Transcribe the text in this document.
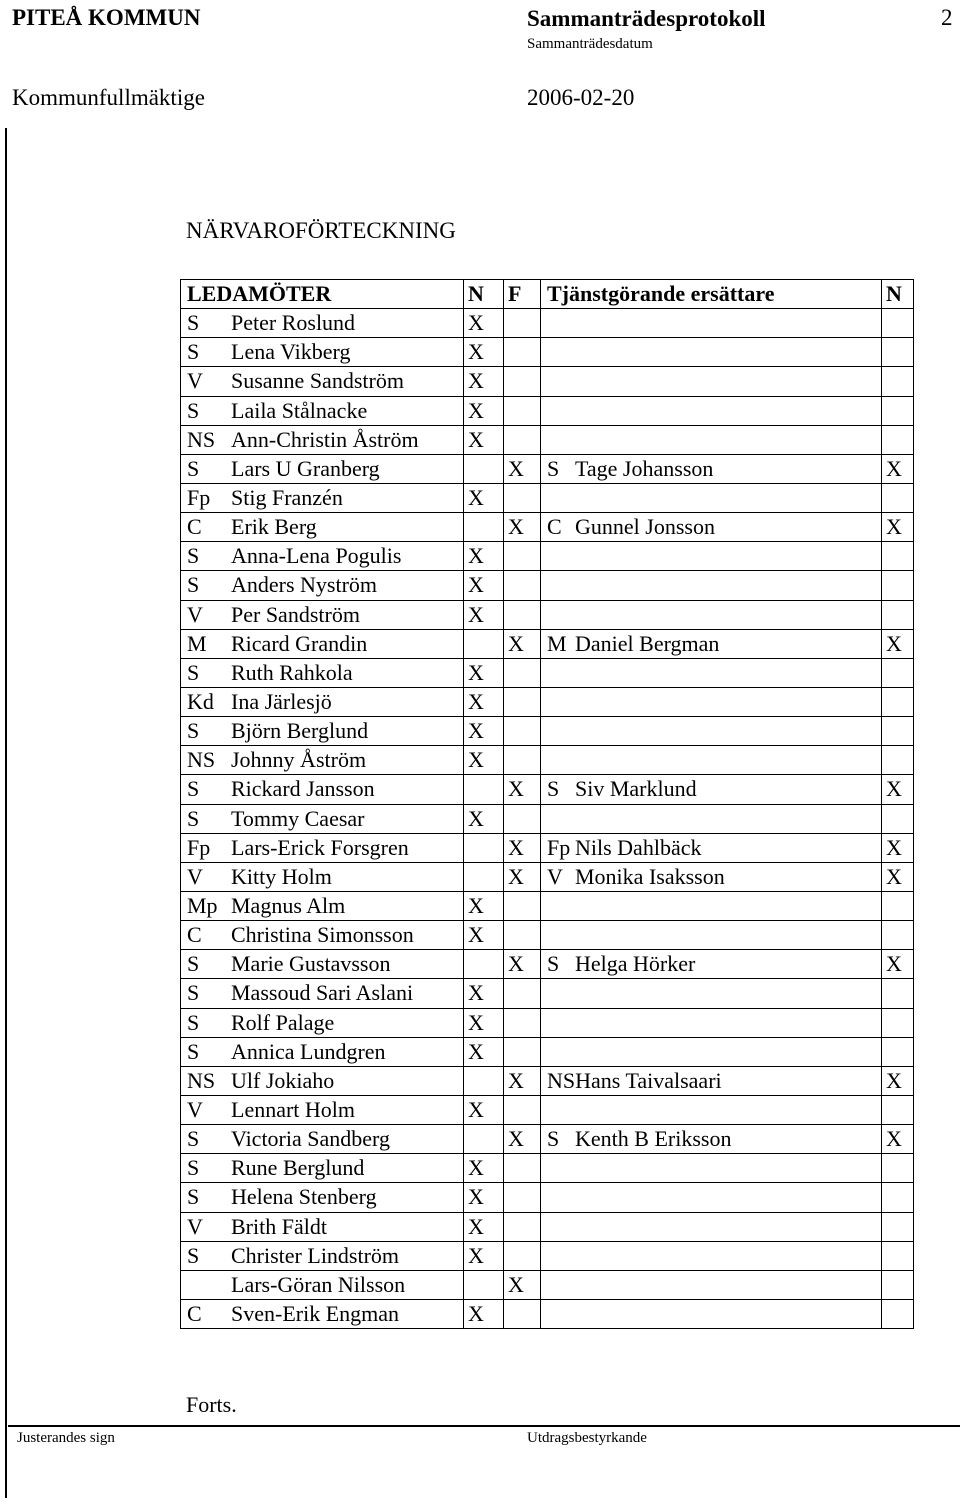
PITEÅ KOMMUN	Sammanträdesprotokoll	2
Sammanträdesdatum
Kommunfullmäktige	2006-02-20
NÄRVAROFÖRTECKNING
LEDAMÖTER	N	F	Tjänstgörande ersättare	N
S Peter Roslund	X			
S Lena Vikberg	X			
V Susanne Sandström	X			
S Laila Stålnacke	X			
NS Ann-Christin Åström	X			
S Lars U Granberg		X	S Tage Johansson	X
Fp Stig Franzén	X			
C Erik Berg		X	C Gunnel Jonsson	X
S Anna-Lena Pogulis	X			
S Anders Nyström	X			
V Per Sandström	X			
M Ricard Grandin		X	M Daniel Bergman	X
S Ruth Rahkola	X			
Kd Ina Järlesjö	X			
S Björn Berglund	X			
NS Johnny Åström	X			
S Rickard Jansson		X	S Siv Marklund	X
S Tommy Caesar	X			
Fp Lars-Erick Forsgren		X	Fp Nils Dahlbäck	X
V Kitty Holm		X	V Monika Isaksson	X
Mp Magnus Alm	X			
C Christina Simonsson	X			
S Marie Gustavsson		X	S Helga Hörker	X
S Massoud Sari Aslani	X			
S Rolf Palage	X			
S Annica Lundgren	X			
NS Ulf Jokiaho		X	NSHans Taivalsaari	X
V Lennart Holm	X			
S Victoria Sandberg		X	S Kenth B Eriksson	X
S Rune Berglund	X			
S Helena Stenberg	X			
V Brith Fäldt	X			
S Christer Lindström	X			
Lars-Göran Nilsson		X		
C Sven-Erik Engman	X			
Forts.
Justerandes sign	Utdragsbestyrkande
